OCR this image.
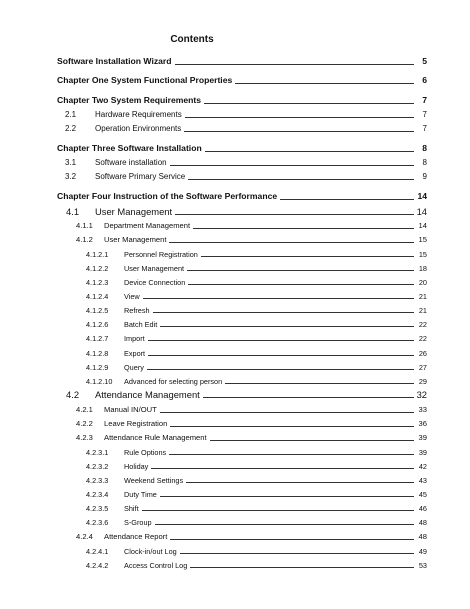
Contents
Software Installation Wizard	5
Chapter One System Functional Properties	6
Chapter Two System Requirements	7
2.1	Hardware Requirements	7
2.2	Operation Environments	7
Chapter Three Software Installation	8
3.1	Software installation	8
3.2	Software Primary Service	9
Chapter Four Instruction of the Software Performance	14
4.1	User Management	14
4.1.1	Department Management	14
4.1.2	User Management	15
4.1.2.1	Personnel Registration	15
4.1.2.2	User Management	18
4.1.2.3	Device Connection	20
4.1.2.4	View	21
4.1.2.5	Refresh	21
4.1.2.6	Batch Edit	22
4.1.2.7	Import	22
4.1.2.8	Export	26
4.1.2.9	Query	27
4.1.2.10	Advanced for selecting person	29
4.2	Attendance Management	32
4.2.1	Manual IN/OUT	33
4.2.2	Leave Registration	36
4.2.3	Attendance Rule Management	39
4.2.3.1	Rule Options	39
4.2.3.2	Holiday	42
4.2.3.3	Weekend Settings	43
4.2.3.4	Duty Time	45
4.2.3.5	Shift	46
4.2.3.6	S-Group	48
4.2.4	Attendance Report	48
4.2.4.1	Clock-in/out Log	49
4.2.4.2	Access Control Log	53
